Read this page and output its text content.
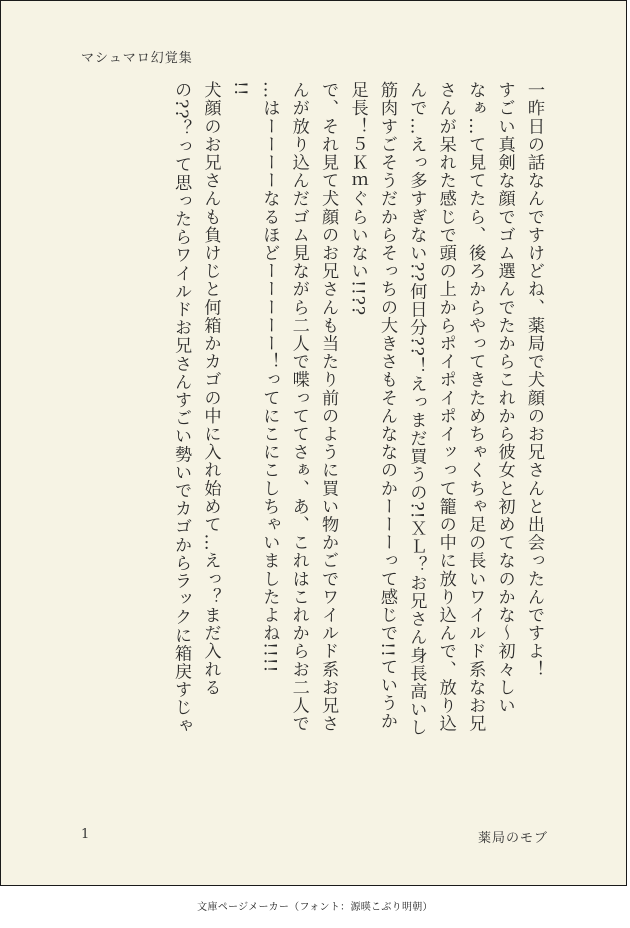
マシュマロ幻覚集
一昨日の話なんですけどね、薬局で犬顔のお兄さんと出会ったんですよ！
すごい真剣な顔でゴム選んでたからこれから彼女と初めてなのかな〜初々しい
なぁ…て見てたら、後ろからやってきためちゃくちゃ足の長いワイルド系なお兄
さんが呆れた感じで頭の上からポイポイポイッって籠の中に放り込んで、放り込
んで…えっ多すぎない??何日分??！えっまだ買うの?!ＸＬ？お兄さん身長高いし
筋肉すごそうだからそっちの大きさもそんななのかーーーって感じで!!ていうか
足長！５Ｋｍぐらいない!!??
で、それ見て犬顔のお兄さんも当たり前のように買い物かごでワイルド系お兄さ
んが放り込んだゴム見ながら二人で喋っててさぁ、あ、これはこれからお二人で
…はーーーーなるほどーーーーー！ってにこにこしちゃいましたよね!!!!
!!
犬顔のお兄さんも負けじと何箱かカゴの中に入れ始めて…えっ？まだ入れる
の??？って思ったらワイルドお兄さんすごい勢いでカゴからラックに箱戻すじゃ
1	薬局のモブ
文庫ページメーカー（フォント：源暎こぶり明朝）
